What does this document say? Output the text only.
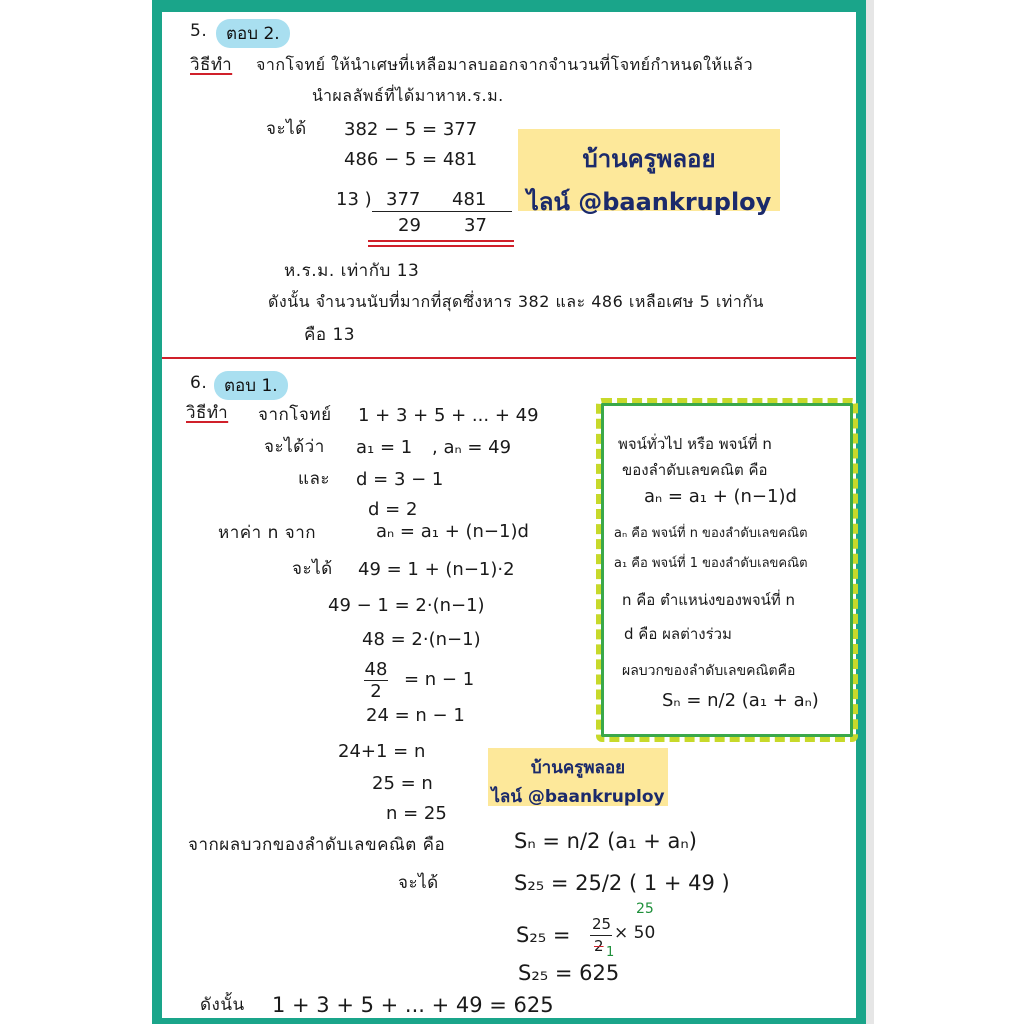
5.	ตอบ 2.
วิธีทำ จากโจทย์ ให้นำเศษที่เหลือมาลบออกจากจำนวนที่โจทย์กำหนดให้แล้ว
นำผลลัพธ์ที่ได้มาหาห.ร.ม.
จะได้ 382 − 5 = 377
486 − 5 = 481
13 ) 377 481
29 37
ห.ร.ม. เท่ากับ 13
ดังนั้น จำนวนนับที่มากที่สุดซึ่งหาร 382 และ 486 เหลือเศษ 5 เท่ากัน
คือ 13
บ้านครูพลอย
ไลน์ @baankruploy
6. ตอบ 1.
วิธีทำ จากโจทย์ 1 + 3 + 5 + ... + 49
จะได้ว่า a₁ = 1 , aₙ = 49
และ d = 3 − 1
d = 2
หาค่า n จาก	aₙ = a₁ + (n−1)d
จะได้ 49 = 1 + (n−1)·2
49 − 1 = 2·(n−1)
48 = 2·(n−1)
48
2
= n − 1
24 = n − 1
24+1 = n
25 = n
n = 25
บ้านครูพลอย
ไลน์ @baankruploy
จากผลบวกของลำดับเลขคณิต คือ	Sₙ = n/2 (a₁ + aₙ)
จะได้	S₂₅ = 25/2 ( 1 + 49 )
S₂₅ = 25
2 1
× 50
25
S₂₅ = 625
ดังนั้น 1 + 3 + 5 + ... + 49 = 625
พจน์ทั่วไป หรือ พจน์ที่ n
ของลำดับเลขคณิต คือ
aₙ = a₁ + (n−1)d
aₙ คือ พจน์ที่ n ของลำดับเลขคณิต
a₁ คือ พจน์ที่ 1 ของลำดับเลขคณิต
n คือ ตำแหน่งของพจน์ที่ n
d คือ ผลต่างร่วม
ผลบวกของลำดับเลขคณิตคือ
Sₙ = n/2 (a₁ + aₙ)
